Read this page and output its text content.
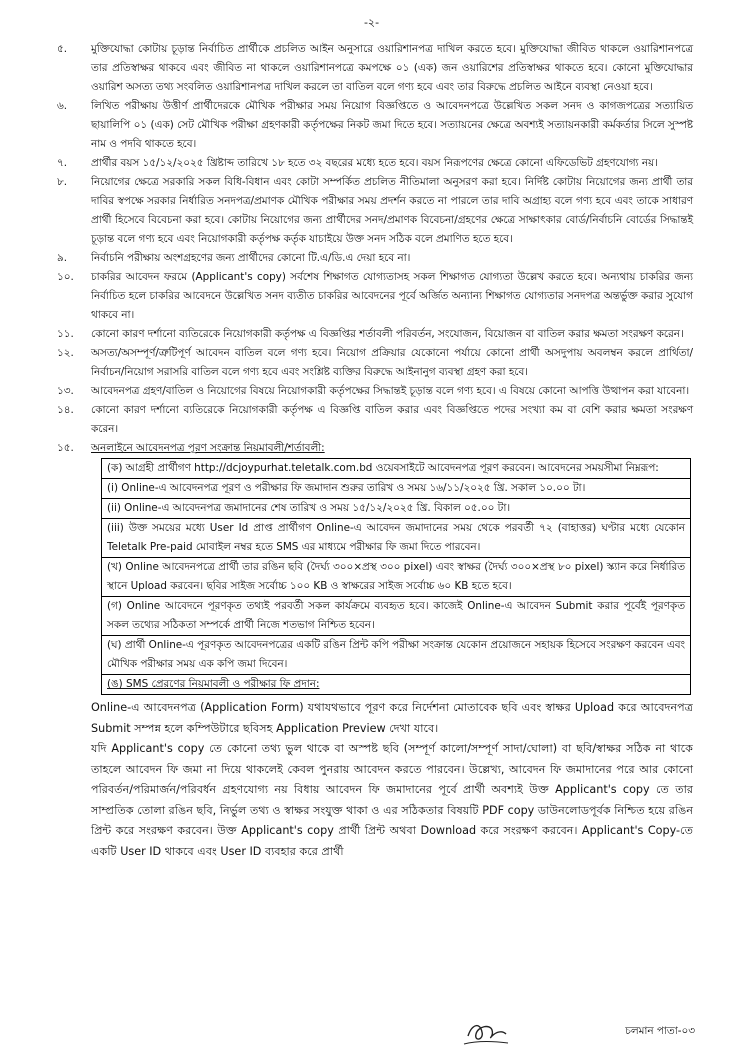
-২-
৫. মুক্তিযোদ্ধা কোটায় চূড়ান্ত নির্বাচিত প্রার্থীকে প্রচলিত আইন অনুসারে ওয়ারিশানপত্র দাখিল করতে হবে। মুক্তিযোদ্ধা জীবিত থাকলে ওয়ারিশানপত্রে তার প্রতিস্বাক্ষর থাকবে এবং জীবিত না থাকলে ওয়ারিশানপত্রে কমপক্ষে ০১ (এক) জন ওয়ারিশের প্রতিস্বাক্ষর থাকতে হবে। কোনো মুক্তিযোদ্ধার ওয়ারিশ অসত্য তথ্য সংবলিত ওয়ারিশানপত্র দাখিল করলে তা বাতিল বলে গণ্য হবে এবং তার বিরুদ্ধে প্রচলিত আইনে ব্যবস্থা নেওয়া হবে।
৬. লিখিত পরীক্ষায় উত্তীর্ণ প্রার্থীদেরকে মৌখিক পরীক্ষার সময় নিয়োগ বিজ্ঞপ্তিতে ও আবেদনপত্রে উল্লেখিত সকল সনদ ও কাগজপত্রের সত্যায়িত ছায়ালিপি ০১ (এক) সেট মৌখিক পরীক্ষা গ্রহণকারী কর্তৃপক্ষের নিকট জমা দিতে হবে। সত্যায়নের ক্ষেত্রে অবশ্যই সত্যায়নকারী কর্মকর্তার সিলে সুস্পষ্ট নাম ও পদবি থাকতে হবে।
৭. প্রার্থীর বয়স ১৫/১২/২০২৫ খ্রিষ্টাব্দ তারিখে ১৮ হতে ৩২ বছরের মধ্যে হতে হবে। বয়স নিরূপণের ক্ষেত্রে কোনো এফিডেভিট গ্রহণযোগ্য নয়।
৮. নিয়োগের ক্ষেত্রে সরকারি সকল বিধি-বিধান এবং কোটা সম্পর্কিত প্রচলিত নীতিমালা অনুসরণ করা হবে। নির্দিষ্ট কোটায় নিয়োগের জন্য প্রার্থী তার দাবির স্বপক্ষে সরকার নির্ধারিত সনদপত্র/প্রমাণক মৌখিক পরীক্ষার সময় প্রদর্শন করতে না পারলে তার দাবি অগ্রাহ্য বলে গণ্য হবে এবং তাকে সাধারণ প্রার্থী হিসেবে বিবেচনা করা হবে। কোটায় নিয়োগের জন্য প্রার্থীদের সনদ/প্রমাণক বিবেচনা/গ্রহণের ক্ষেত্রে সাক্ষাৎকার বোর্ড/নির্বাচনি বোর্ডের সিদ্ধান্তই চূড়ান্ত বলে গণ্য হবে এবং নিয়োগকারী কর্তৃপক্ষ কর্তৃক যাচাইয়ে উক্ত সনদ সঠিক বলে প্রমাণিত হতে হবে।
৯. নির্বাচনি পরীক্ষায় অংশগ্রহণের জন্য প্রার্থীদের কোনো টি.এ/ডি.এ দেয়া হবে না।
১০. চাকরির আবেদন ফরমে (Applicant's copy) সর্বশেষ শিক্ষাগত যোগ্যতাসহ সকল শিক্ষাগত যোগ্যতা উল্লেখ করতে হবে। অন্যথায় চাকরির জন্য নির্বাচিত হলে চাকরির আবেদনে উল্লেখিত সনদ ব্যতীত চাকরির আবেদনের পূর্বে অর্জিত অন্যান্য শিক্ষাগত যোগ্যতার সনদপত্র অন্তর্ভুক্ত করার সুযোগ থাকবে না।
১১. কোনো কারণ দর্শানো ব্যতিরেকে নিয়োগকারী কর্তৃপক্ষ এ বিজ্ঞপ্তির শর্তাবলী পরিবর্তন, সংযোজন, বিয়োজন বা বাতিল করার ক্ষমতা সংরক্ষণ করেন।
১২. অসত্য/অসম্পূর্ণ/ত্রুটিপূর্ণ আবেদন বাতিল বলে গণ্য হবে। নিয়োগ প্রক্রিয়ার যেকোনো পর্যায়ে কোনো প্রার্থী অসদুপায় অবলম্বন করলে প্রার্থিতা/নির্বাচন/নিয়োগ সরাসরি বাতিল বলে গণ্য হবে এবং সংশ্লিষ্ট ব্যক্তির বিরুদ্ধে আইনানুগ ব্যবস্থা গ্রহণ করা হবে।
১৩. আবেদনপত্র গ্রহণ/বাতিল ও নিয়োগের বিষয়ে নিয়োগকারী কর্তৃপক্ষের সিদ্ধান্তই চূড়ান্ত বলে গণ্য হবে। এ বিষয়ে কোনো আপত্তি উত্থাপন করা যাবেনা।
১৪. কোনো কারণ দর্শানো ব্যতিরেকে নিয়োগকারী কর্তৃপক্ষ এ বিজ্ঞপ্তি বাতিল করার এবং বিজ্ঞপ্তিতে পদের সংখ্যা কম বা বেশি করার ক্ষমতা সংরক্ষণ করেন।
১৫. অনলাইনে আবেদনপত্র পূরণ সংক্রান্ত নিয়মাবলী/শর্তাবলী:
(ক) আগ্রহী প্রার্থীগণ http://dcjoypurhat.teletalk.com.bd ওয়েবসাইটে আবেদনপত্র পূরণ করবেন। আবেদনের সময়সীমা নিম্নরূপ:
(i) Online-এ আবেদনপত্র পূরণ ও পরীক্ষার ফি জমাদান শুরুর তারিখ ও সময় ১৬/১১/২০২৫ খ্রি. সকাল ১০.০০ টা।
(ii) Online-এ আবেদনপত্র জমাদানের শেষ তারিখ ও সময় ১৫/১২/২০২৫ খ্রি. বিকাল ০৫.০০ টা।
(iii) উক্ত সময়ের মধ্যে User Id প্রাপ্ত প্রার্থীগণ Online-এ আবেদন জমাদানের সময় থেকে পরবর্তী ৭২ (বাহাত্তর) ঘণ্টার মধ্যে যেকোন Teletalk Pre-paid মোবাইল নম্বর হতে SMS এর মাধ্যমে পরীক্ষার ফি জমা দিতে পারবেন।
(খ) Online আবেদনপত্রে প্রার্থী তার রঙিন ছবি (দৈর্ঘ্য ৩০০×প্রস্থ ৩০০ pixel) এবং স্বাক্ষর (দৈর্ঘ্য ৩০০×প্রস্থ ৮০ pixel) স্ক্যান করে নির্ধারিত স্থানে Upload করবেন। ছবির সাইজ সর্বোচ্চ ১০০ KB ও স্বাক্ষরের সাইজ সর্বোচ্চ ৬০ KB হতে হবে।
(গ) Online আবেদনে পূরণকৃত তথ্যই পরবর্তী সকল কার্যক্রমে ব্যবহৃত হবে। কাজেই Online-এ আবেদন Submit করার পূর্বেই পূরণকৃত সকল তথ্যের সঠিকতা সম্পর্কে প্রার্থী নিজে শতভাগ নিশ্চিত হবেন।
(ঘ) প্রার্থী Online-এ পূরণকৃত আবেদনপত্রের একটি রঙিন প্রিন্ট কপি পরীক্ষা সংক্রান্ত যেকোন প্রয়োজনে সহায়ক হিসেবে সংরক্ষণ করবেন এবং মৌখিক পরীক্ষার সময় এক কপি জমা দিবেন।
(ঙ) SMS প্রেরণের নিয়মাবলী ও পরীক্ষার ফি প্রদান:
Online-এ আবেদনপত্র (Application Form) যথাযথভাবে পূরণ করে নির্দেশনা মোতাবেক ছবি এবং স্বাক্ষর Upload করে আবেদনপত্র Submit সম্পন্ন হলে কম্পিউটারে ছবিসহ Application Preview দেখা যাবে।
যদি Applicant's copy তে কোনো তথ্য ভুল থাকে বা অস্পষ্ট ছবি (সম্পূর্ণ কালো/সম্পূর্ণ সাদা/ঘোলা) বা ছবি/স্বাক্ষর সঠিক না থাকে তাহলে আবেদন ফি জমা না দিয়ে থাকলেই কেবল পুনরায় আবেদন করতে পারবেন। উল্লেখ্য, আবেদন ফি জমাদানের পরে আর কোনো পরিবর্তন/পরিমার্জন/পরিবর্ধন গ্রহণযোগ্য নয় বিধায় আবেদন ফি জমাদানের পূর্বে প্রার্থী অবশ্যই উক্ত Applicant's copy তে তার সাম্প্রতিক তোলা রঙিন ছবি, নির্ভুল তথ্য ও স্বাক্ষর সংযুক্ত থাকা ও এর সঠিকতার বিষয়টি PDF copy ডাউনলোডপূর্বক নিশ্চিত হয়ে রঙিন প্রিন্ট করে সংরক্ষণ করবেন। উক্ত Applicant's copy প্রার্থী প্রিন্ট অথবা Download করে সংরক্ষণ করবেন। Applicant's Copy-তে একটি User ID থাকবে এবং User ID ব্যবহার করে প্রার্থী
চলমান পাতা-০৩
